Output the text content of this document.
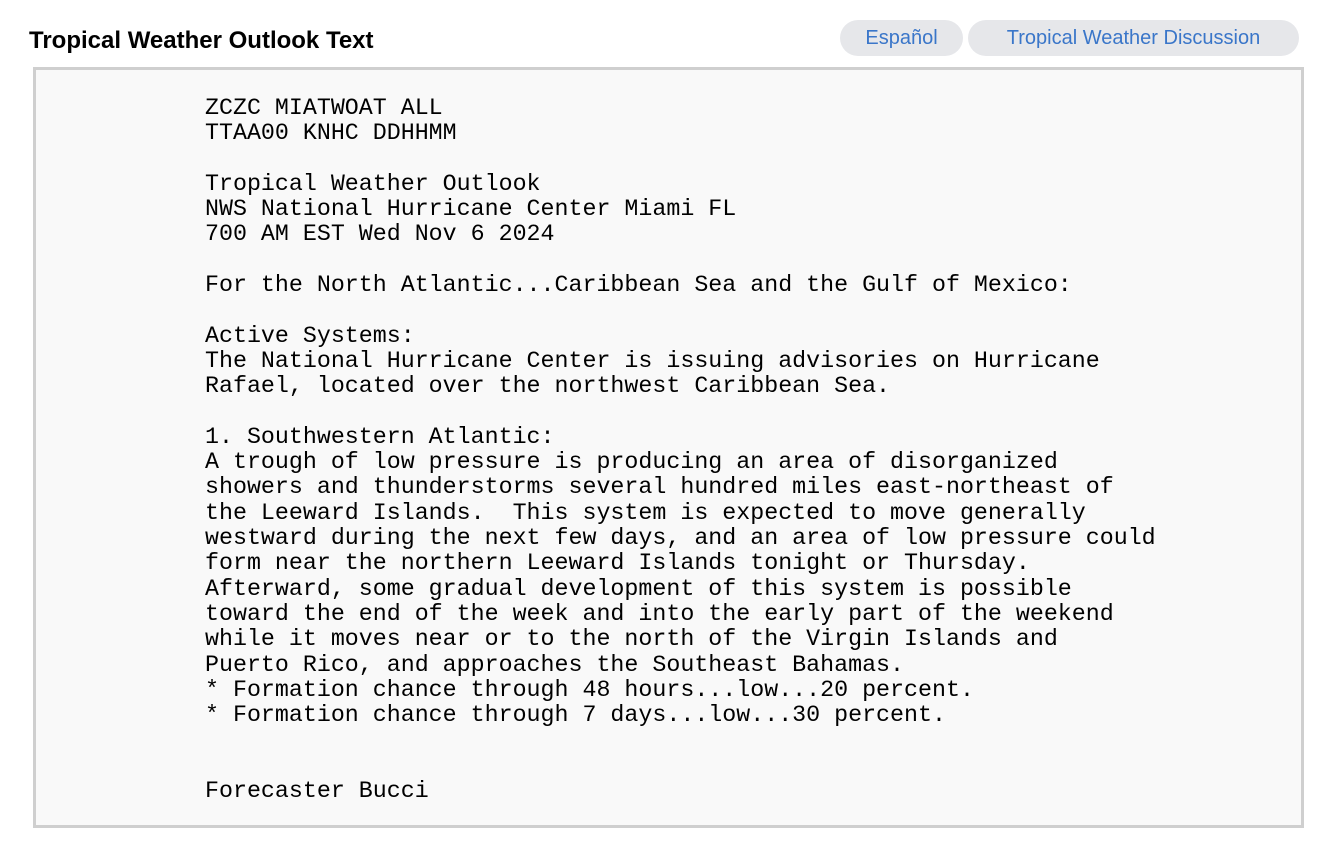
Tropical Weather Outlook Text	Español	Tropical Weather Discussion
ZCZC MIATWOAT ALL
TTAA00 KNHC DDHHMM
Tropical Weather Outlook
NWS National Hurricane Center Miami FL
700 AM EST Wed Nov 6 2024
For the North Atlantic...Caribbean Sea and the Gulf of Mexico:
Active Systems:
The National Hurricane Center is issuing advisories on Hurricane
Rafael, located over the northwest Caribbean Sea.
1. Southwestern Atlantic:
A trough of low pressure is producing an area of disorganized
showers and thunderstorms several hundred miles east-northeast of
the Leeward Islands.  This system is expected to move generally
westward during the next few days, and an area of low pressure could
form near the northern Leeward Islands tonight or Thursday.
Afterward, some gradual development of this system is possible
toward the end of the week and into the early part of the weekend
while it moves near or to the north of the Virgin Islands and
Puerto Rico, and approaches the Southeast Bahamas.
* Formation chance through 48 hours...low...20 percent.
* Formation chance through 7 days...low...30 percent.
Forecaster Bucci
